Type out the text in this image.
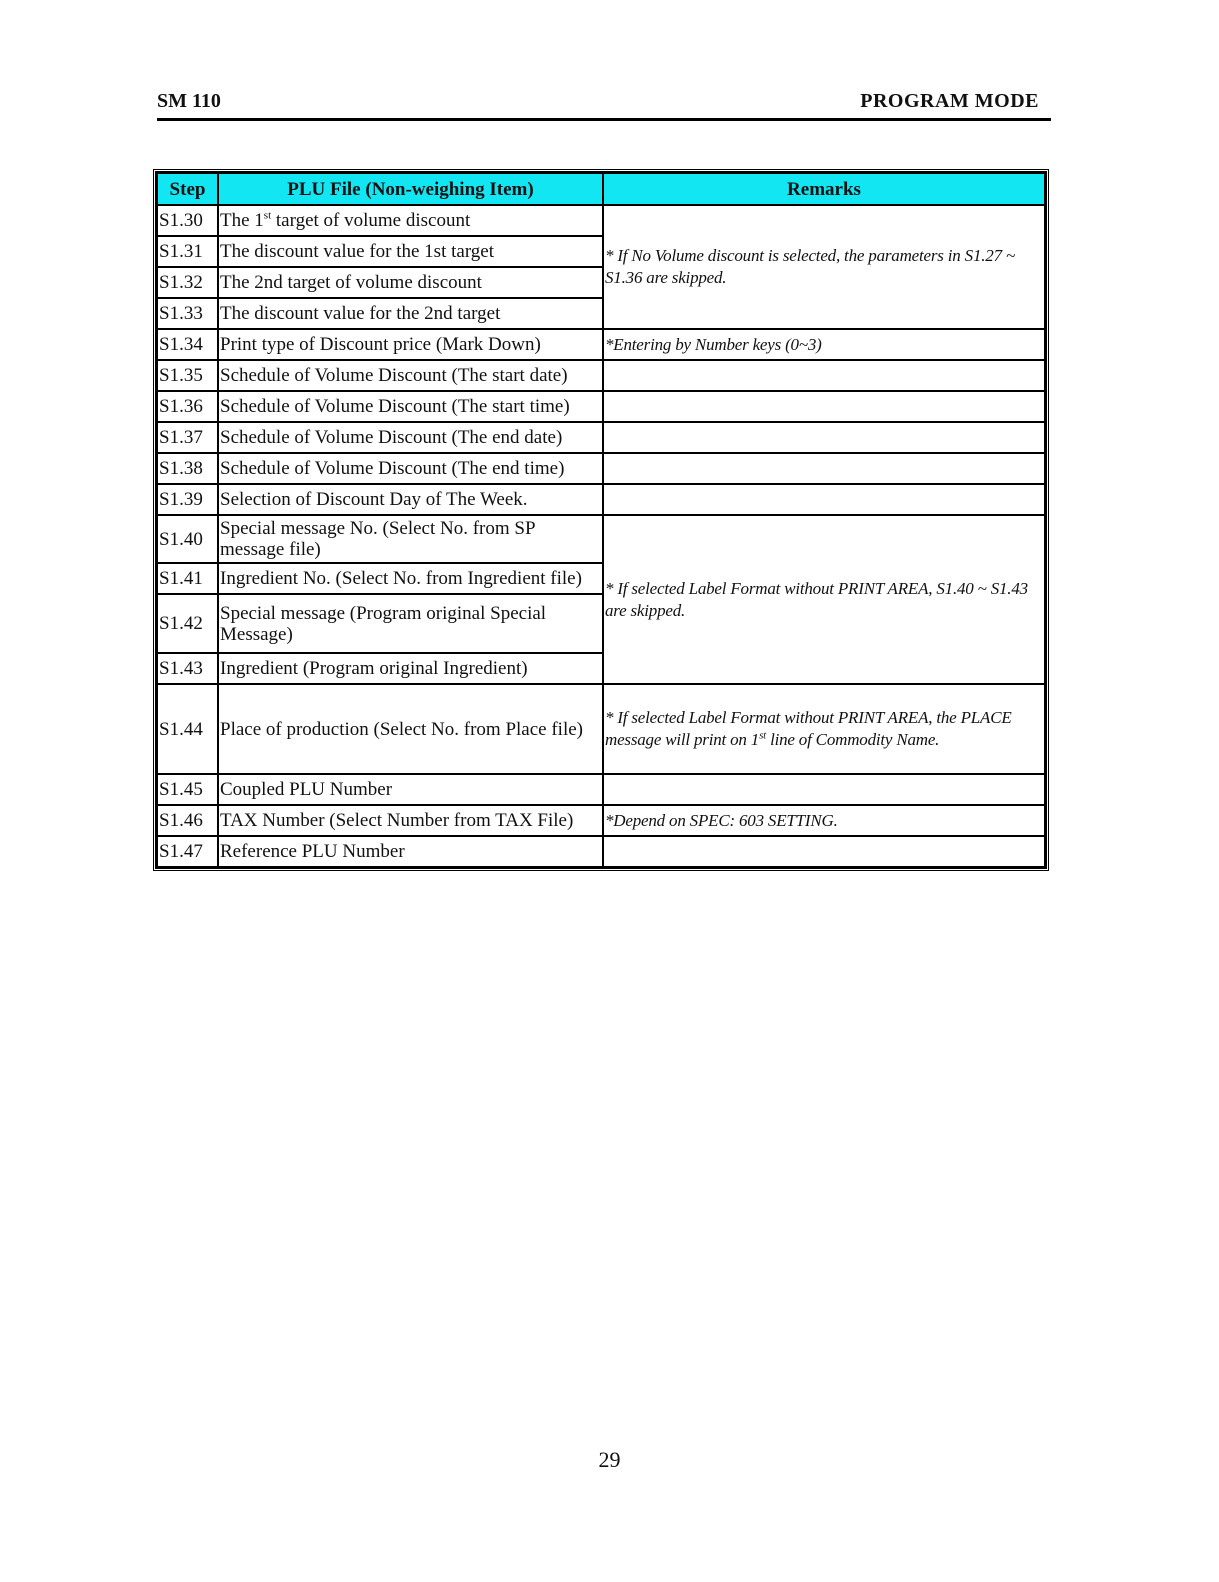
SM 110	PROGRAM MODE
Step	PLU File (Non-weighing Item)	Remarks
S1.30	The 1st target of volume discount	* If No Volume discount is selected, the parameters in S1.27 ~ S1.36 are skipped.
S1.31	The discount value for the 1st target	
S1.32	The 2nd target of volume discount	
S1.33	The discount value for the 2nd target	
S1.34	Print type of Discount price (Mark Down)	*Entering by Number keys (0~3)
S1.35	Schedule of Volume Discount (The start date)	
S1.36	Schedule of Volume Discount (The start time)	
S1.37	Schedule of Volume Discount (The end date)	
S1.38	Schedule of Volume Discount (The end time)	
S1.39	Selection of Discount Day of The Week.	
S1.40	Special message No. (Select No. from SP message file)	* If selected Label Format without PRINT AREA, S1.40 ~ S1.43 are skipped.
S1.41	Ingredient No. (Select No. from Ingredient file)	
S1.42	Special message (Program original Special Message)	
S1.43	Ingredient (Program original Ingredient)	
S1.44	Place of production (Select No. from Place file)	* If selected Label Format without PRINT AREA, the PLACE message will print on 1st line of Commodity Name.
S1.45	Coupled PLU Number	
S1.46	TAX Number (Select Number from TAX File)	*Depend on SPEC: 603 SETTING.
S1.47	Reference PLU Number	
29
